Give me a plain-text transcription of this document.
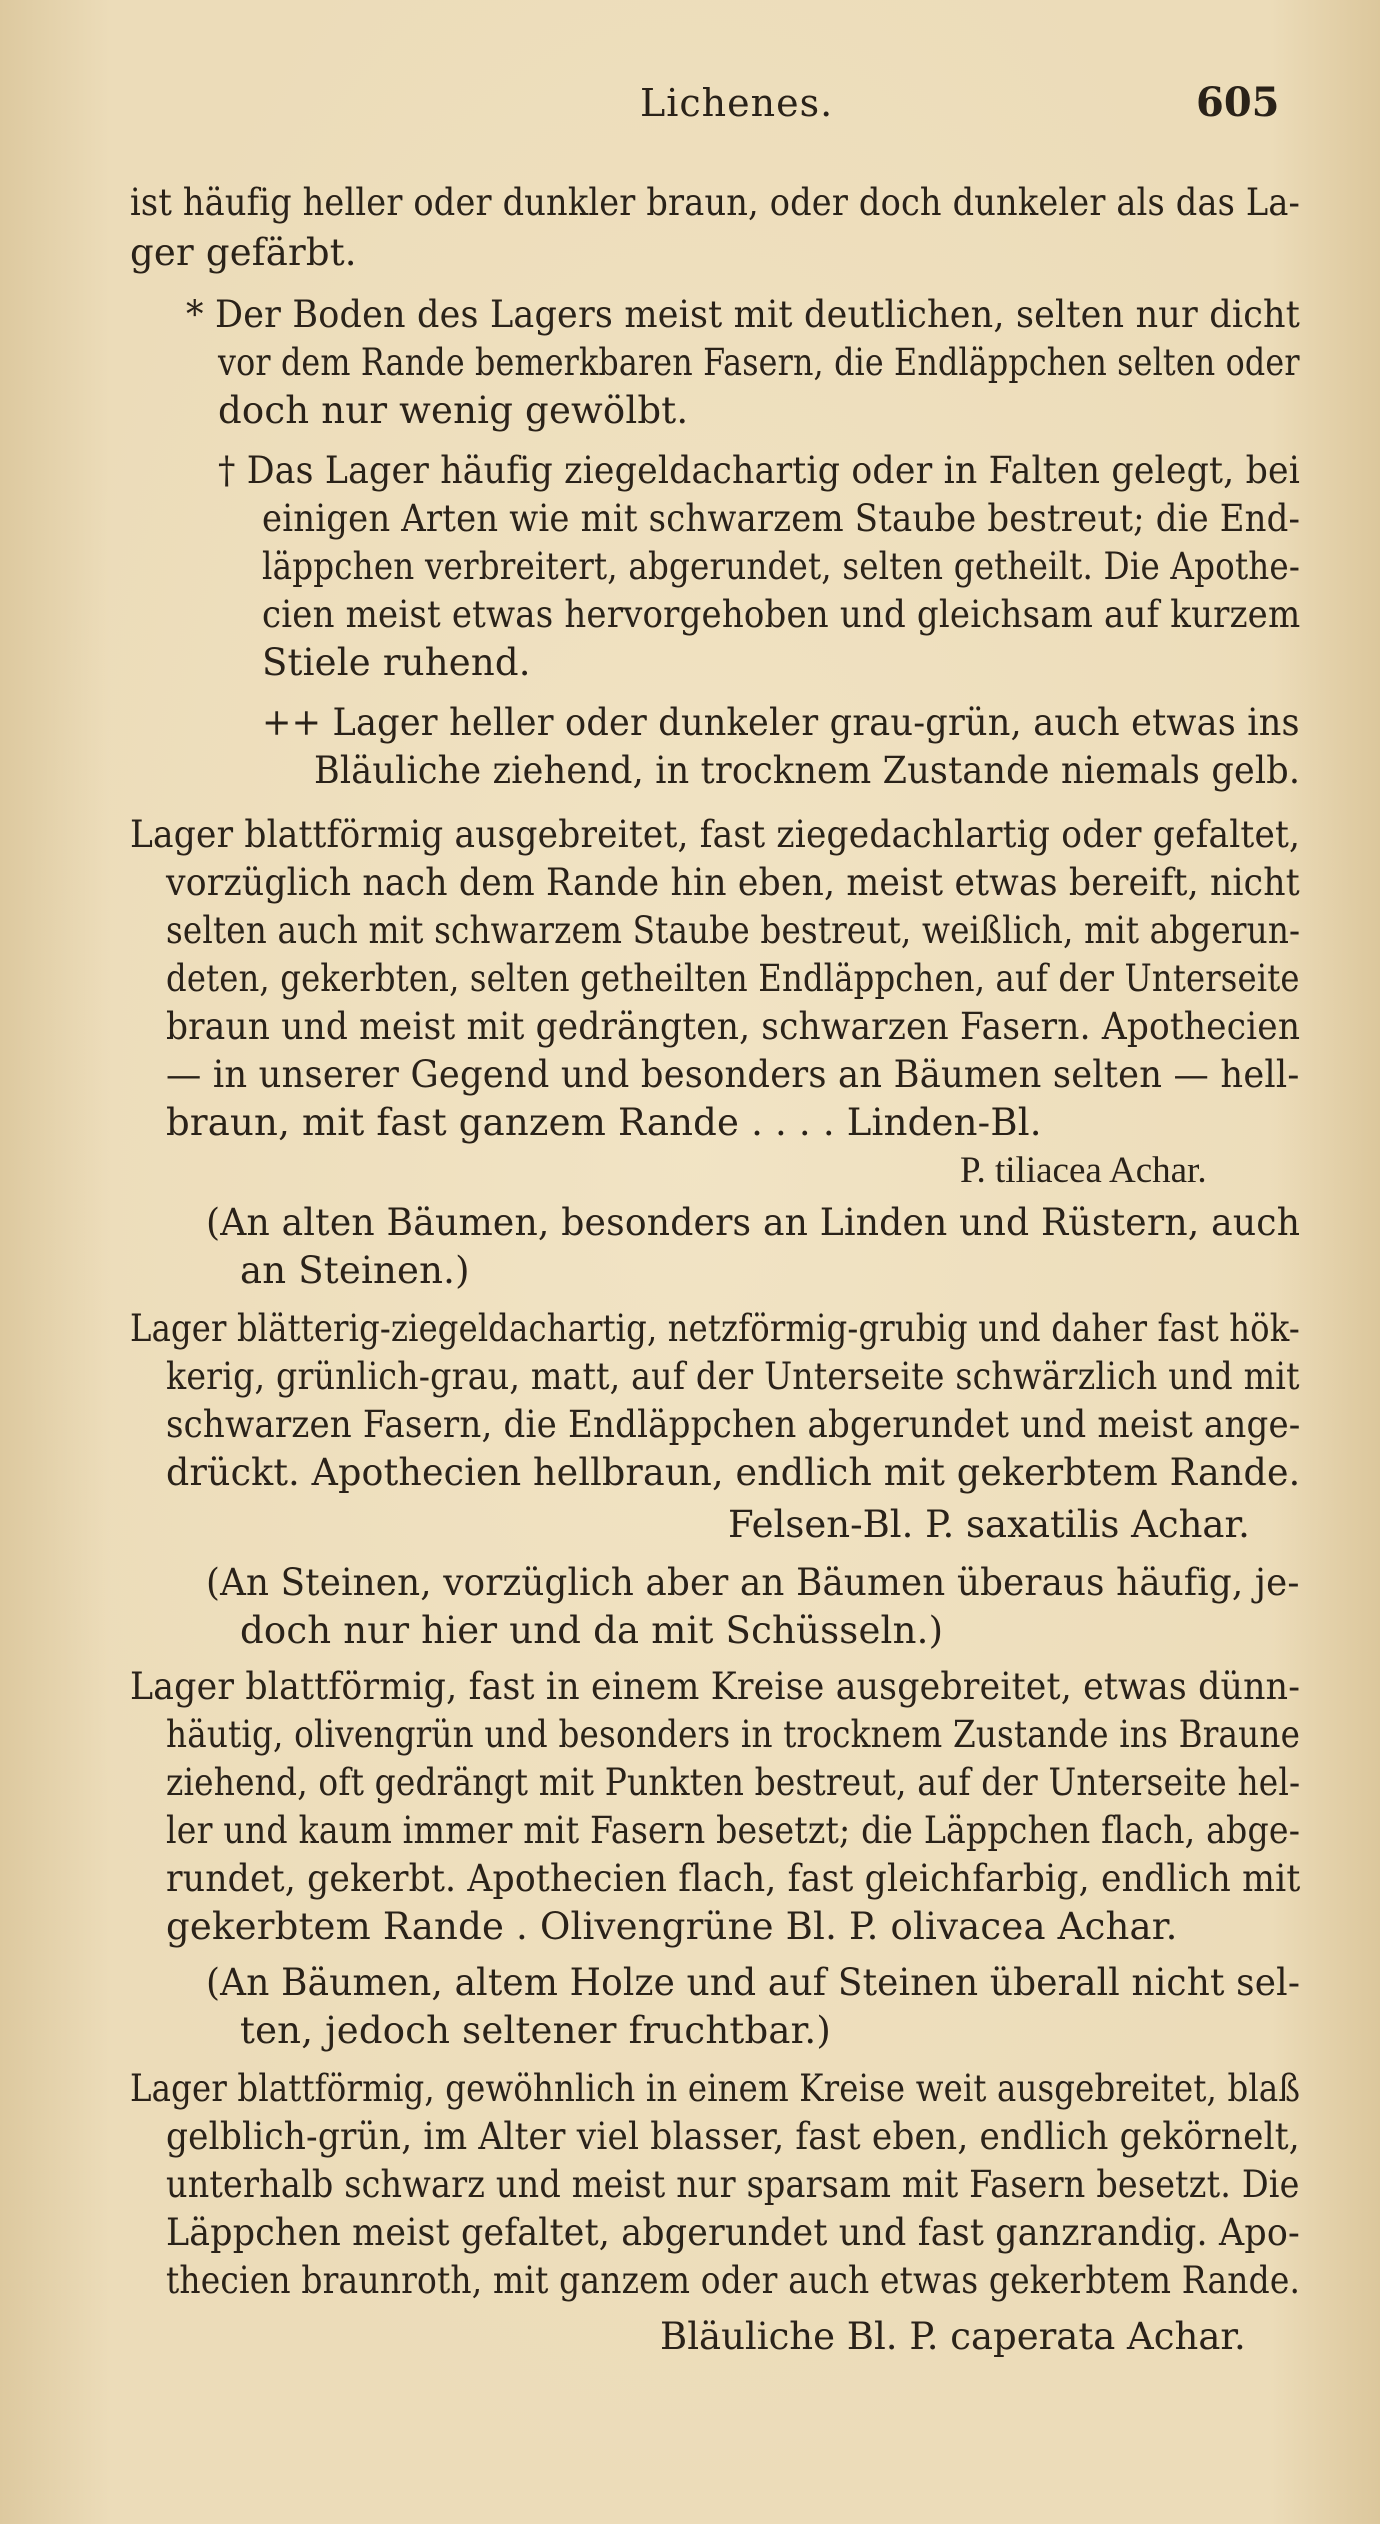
Lichenes.	605
ist häufig heller oder dunkler braun, oder doch dunkeler als das La-
ger gefärbt.
* Der Boden des Lagers meist mit deutlichen, selten nur dicht
vor dem Rande bemerkbaren Fasern, die Endläppchen selten oder
doch nur wenig gewölbt.
† Das Lager häufig ziegeldachartig oder in Falten gelegt, bei
einigen Arten wie mit schwarzem Staube bestreut; die End-
läppchen verbreitert, abgerundet, selten getheilt. Die Apothe-
cien meist etwas hervorgehoben und gleichsam auf kurzem
Stiele ruhend.
++ Lager heller oder dunkeler grau-grün, auch etwas ins
Bläuliche ziehend, in trocknem Zustande niemals gelb.
Lager blattförmig ausgebreitet, fast ziegedachlartig oder gefaltet,
vorzüglich nach dem Rande hin eben, meist etwas bereift, nicht
selten auch mit schwarzem Staube bestreut, weißlich, mit abgerun-
deten, gekerbten, selten getheilten Endläppchen, auf der Unterseite
braun und meist mit gedrängten, schwarzen Fasern. Apothecien
— in unserer Gegend und besonders an Bäumen selten — hell-
braun, mit fast ganzem Rande . . . . Linden-Bl.
P. tiliacea Achar.
(An alten Bäumen, besonders an Linden und Rüstern, auch
an Steinen.)
Lager blätterig-ziegeldachartig, netzförmig-grubig und daher fast hök-
kerig, grünlich-grau, matt, auf der Unterseite schwärzlich und mit
schwarzen Fasern, die Endläppchen abgerundet und meist ange-
drückt. Apothecien hellbraun, endlich mit gekerbtem Rande.
Felsen-Bl. P. saxatilis Achar.
(An Steinen, vorzüglich aber an Bäumen überaus häufig, je-
doch nur hier und da mit Schüsseln.)
Lager blattförmig, fast in einem Kreise ausgebreitet, etwas dünn-
häutig, olivengrün und besonders in trocknem Zustande ins Braune
ziehend, oft gedrängt mit Punkten bestreut, auf der Unterseite hel-
ler und kaum immer mit Fasern besetzt; die Läppchen flach, abge-
rundet, gekerbt. Apothecien flach, fast gleichfarbig, endlich mit
gekerbtem Rande . Olivengrüne Bl. P. olivacea Achar.
(An Bäumen, altem Holze und auf Steinen überall nicht sel-
ten, jedoch seltener fruchtbar.)
Lager blattförmig, gewöhnlich in einem Kreise weit ausgebreitet, blaß
gelblich-grün, im Alter viel blasser, fast eben, endlich gekörnelt,
unterhalb schwarz und meist nur sparsam mit Fasern besetzt. Die
Läppchen meist gefaltet, abgerundet und fast ganzrandig. Apo-
thecien braunroth, mit ganzem oder auch etwas gekerbtem Rande.
Bläuliche Bl. P. caperata Achar.
